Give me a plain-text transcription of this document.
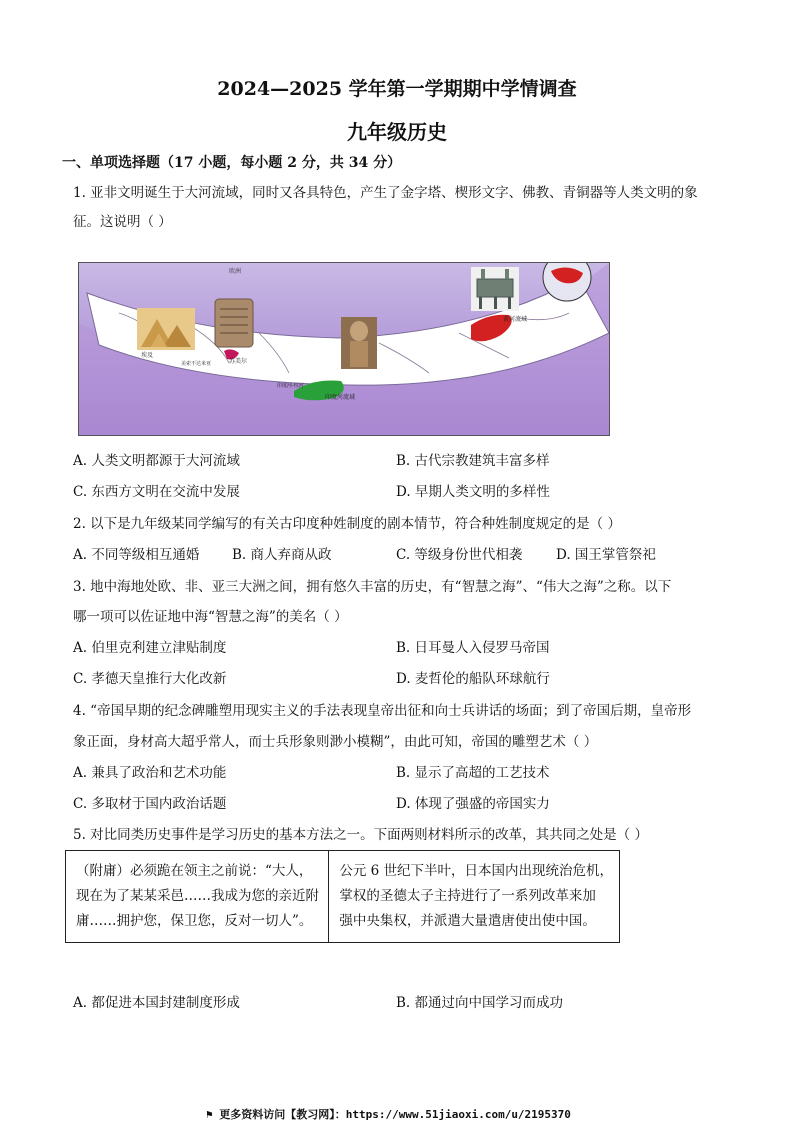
2024—2025 学年第一学期期中学情调查
九年级历史
一、单项选择题（17 小题，每小题 2 分，共 34 分）
1. 亚非文明诞生于大河流域，同时又各具特色，产生了金字塔、楔形文字、佛教、青铜器等人类文明的象
征。这说明（ ）
欧洲
埃及
美索不达米亚	苏美尔
印度河-恒河
印度河流域
黄河流域
A. 人类文明都源于大河流域	B. 古代宗教建筑丰富多样
C. 东西方文明在交流中发展	D. 早期人类文明的多样性
2. 以下是九年级某同学编写的有关古印度种姓制度的剧本情节，符合种姓制度规定的是（ ）
A. 不同等级相互通婚 B. 商人弃商从政	C. 等级身份世代相袭 D. 国王掌管祭祀
3. 地中海地处欧、非、亚三大洲之间，拥有悠久丰富的历史，有“智慧之海”、“伟大之海”之称。以下
哪一项可以佐证地中海“智慧之海”的美名（ ）
A. 伯里克利建立津贴制度	B. 日耳曼人入侵罗马帝国
C. 孝德天皇推行大化改新	D. 麦哲伦的船队环球航行
4. “帝国早期的纪念碑雕塑用现实主义的手法表现皇帝出征和向士兵讲话的场面；到了帝国后期，皇帝形
象正面，身材高大超乎常人，而士兵形象则渺小模糊”，由此可知，帝国的雕塑艺术（ ）
A. 兼具了政治和艺术功能	B. 显示了高超的工艺技术
C. 多取材于国内政治话题	D. 体现了强盛的帝国实力
5. 对比同类历史事件是学习历史的基本方法之一。下面两则材料所示的改革，其共同之处是（ ）
（附庸）必须跪在领主之前说：“大人，
现在为了某某采邑……我成为您的亲近附
庸……拥护您，保卫您，反对一切人”。

公元 6 世纪下半叶，日本国内出现统治危机，
掌权的圣德太子主持进行了一系列改革来加
强中央集权，并派遣大量遣唐使出使中国。
A. 都促进本国封建制度形成	B. 都通过向中国学习而成功
⚑ 更多资料访问【教习网】：https://www.51jiaoxi.com/u/2195370
